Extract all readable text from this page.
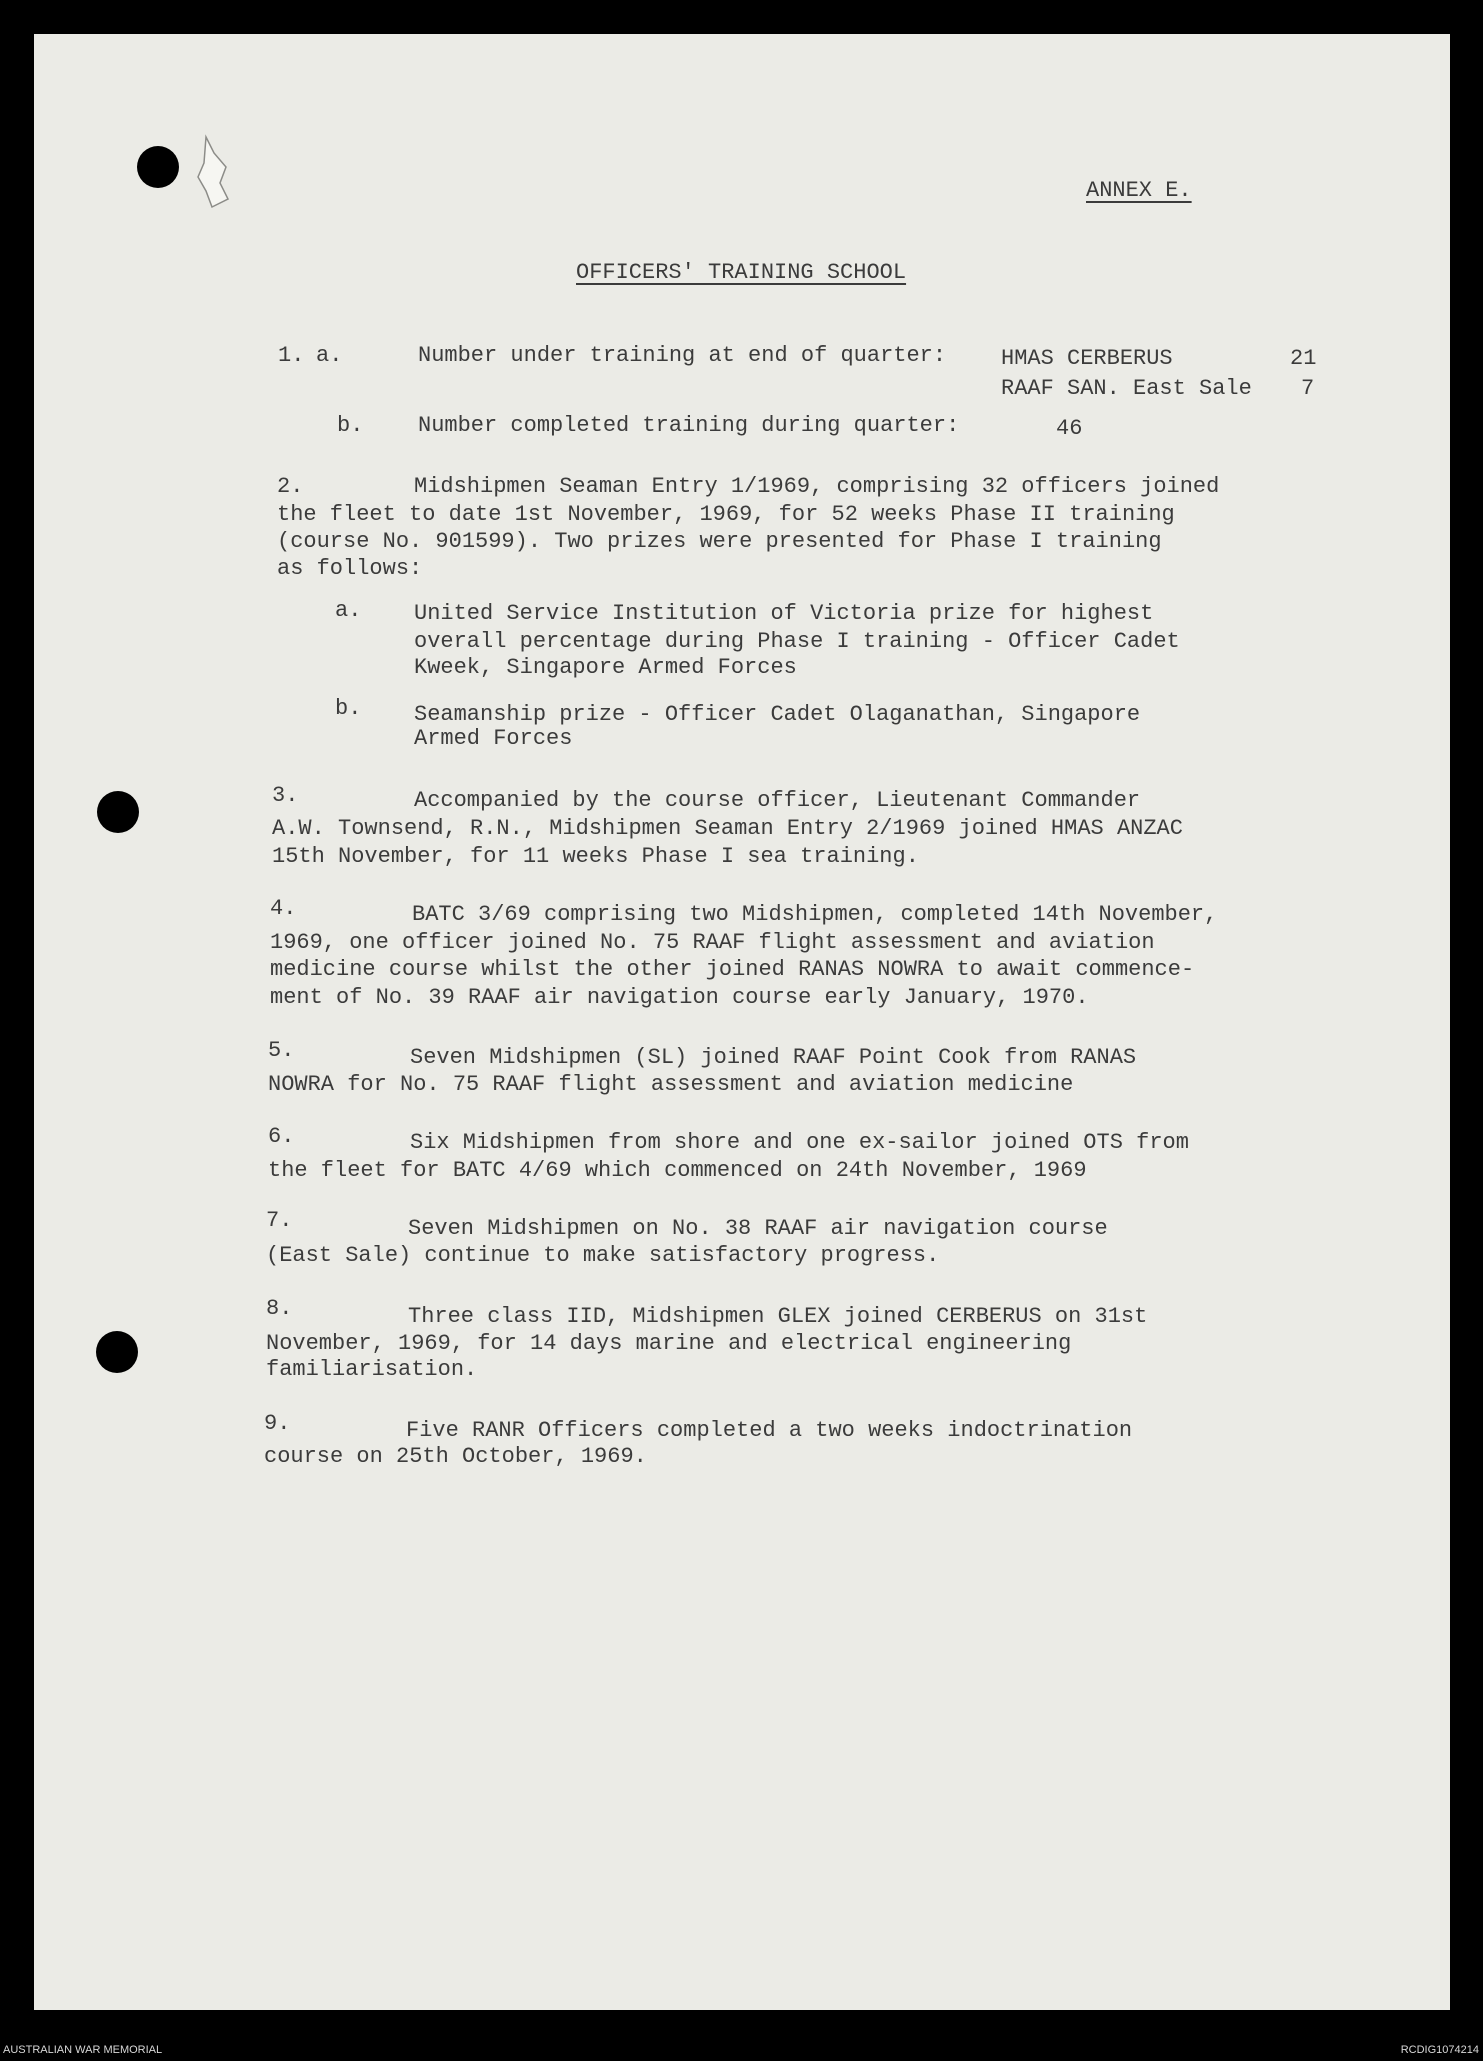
ANNEX E.
OFFICERS' TRAINING SCHOOL
1. a.	Number under training at end of quarter: HMAS CERBERUS	21
RAAF SAN. East Sale 7
b. Number completed training during quarter:	46
2.	Midshipmen Seaman Entry 1/1969, comprising 32 officers joined
the fleet to date 1st November, 1969, for 52 weeks Phase II training
(course No. 901599). Two prizes were presented for Phase I training
as follows:
a. United Service Institution of Victoria prize for highest
overall percentage during Phase I training - Officer Cadet
Kweek, Singapore Armed Forces
b. Seamanship prize - Officer Cadet Olaganathan, Singapore
Armed Forces
3.	Accompanied by the course officer, Lieutenant Commander
A.W. Townsend, R.N., Midshipmen Seaman Entry 2/1969 joined HMAS ANZAC
15th November, for 11 weeks Phase I sea training.
4.	BATC 3/69 comprising two Midshipmen, completed 14th November,
1969, one officer joined No. 75 RAAF flight assessment and aviation
medicine course whilst the other joined RANAS NOWRA to await commence-
ment of No. 39 RAAF air navigation course early January, 1970.
5.	Seven Midshipmen (SL) joined RAAF Point Cook from RANAS
NOWRA for No. 75 RAAF flight assessment and aviation medicine
6.	Six Midshipmen from shore and one ex-sailor joined OTS from
the fleet for BATC 4/69 which commenced on 24th November, 1969
7.	Seven Midshipmen on No. 38 RAAF air navigation course
(East Sale) continue to make satisfactory progress.
8.	Three class IID, Midshipmen GLEX joined CERBERUS on 31st
November, 1969, for 14 days marine and electrical engineering
familiarisation.
9.	Five RANR Officers completed a two weeks indoctrination
course on 25th October, 1969.
AUSTRALIAN WAR MEMORIAL	RCDIG1074214
